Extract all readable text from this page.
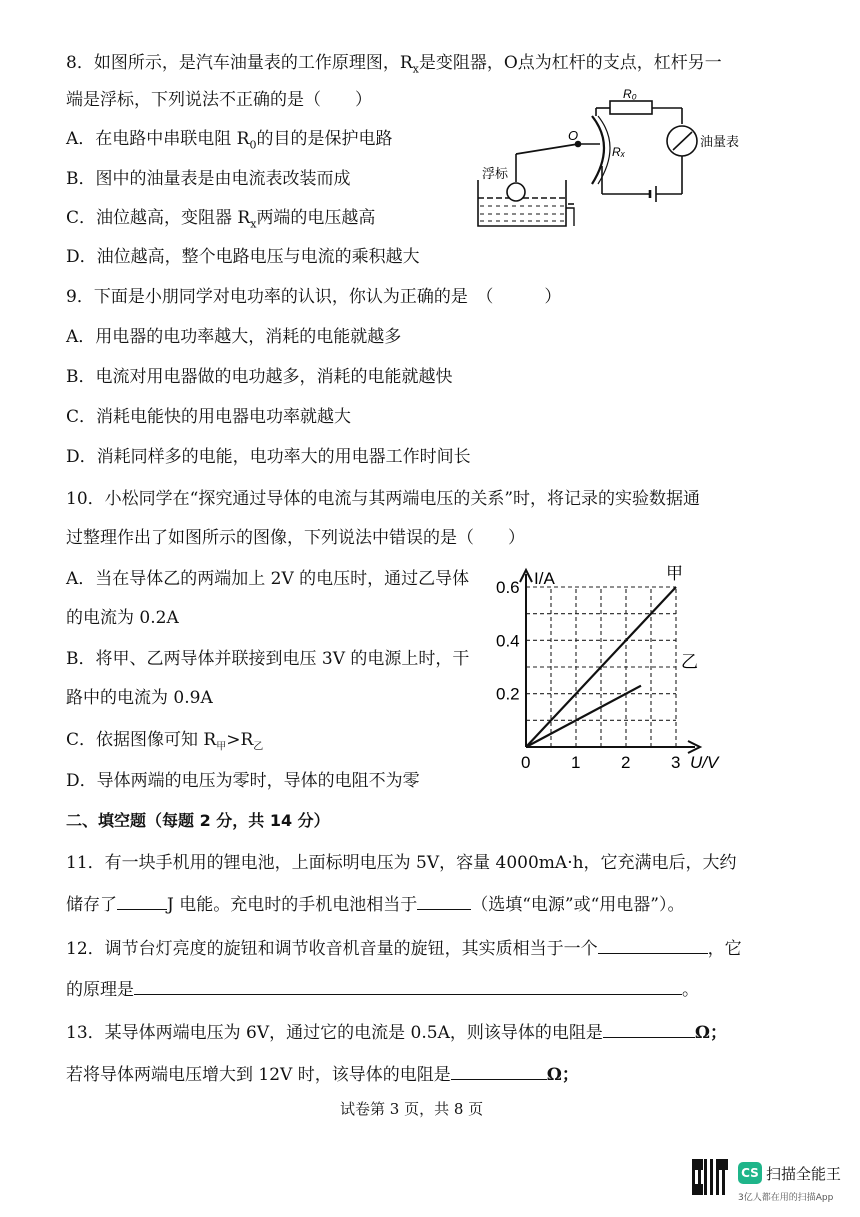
8．如图所示，是汽车油量表的工作原理图，$R_x$是变阻器，O点为杠杆的支点，杠杆另一
端是浮标，下列说法不正确的是（　　）
A．在电路中串联电阻 $R_0$的目的是保护电路
B．图中的油量表是由电流表改装而成
C．油位越高，变阻器 $R_x$两端的电压越高
D．油位越高，整个电路电压与电流的乘积越大
R₀
Rₓ
O	油量表
浮标
9．下面是小朋同学对电功率的认识，你认为正确的是　（　　　）
A．用电器的电功率越大，消耗的电能就越多
B．电流对用电器做的电功越多，消耗的电能就越快
C．消耗电能快的用电器电功率就越大
D．消耗同样多的电能，电功率大的用电器工作时间长
10．小松同学在“探究通过导体的电流与其两端电压的关系”时，将记录的实验数据通
过整理作出了如图所示的图像，下列说法中错误的是（　　）
A．当在导体乙的两端加上 2V 的电压时，通过乙导体
的电流为 0.2A
B．将甲、乙两导体并联接到电压 3V 的电源上时，干
路中的电流为 0.9A
C．依据图像可知 $R_甲>R_乙$
D．导体两端的电压为零时，导体的电阻不为零
甲
乙
0 1 2 3
0.2
0.4
0.6 I/A
U/V
二、填空题（每题 2 分，共 14 分）
11．有一块手机用的锂电池，上面标明电压为 5V，容量 4000mA·h，它充满电后，大约
储存了	J 电能。充电时的手机电池相当于	（选填“电源”或“用电器”）。
12．调节台灯亮度的旋钮和调节收音机音量的旋钮，其实质相当于一个	，它
的原理是	。
13．某导体两端电压为 6V，通过它的电流是 0.5A，则该导体的电阻是	Ω；
若将导体两端电压增大到 12V 时，该导体的电阻是	Ω；
试卷第 3 页，共 8 页
CS 扫描全能王
3亿人都在用的扫描App
